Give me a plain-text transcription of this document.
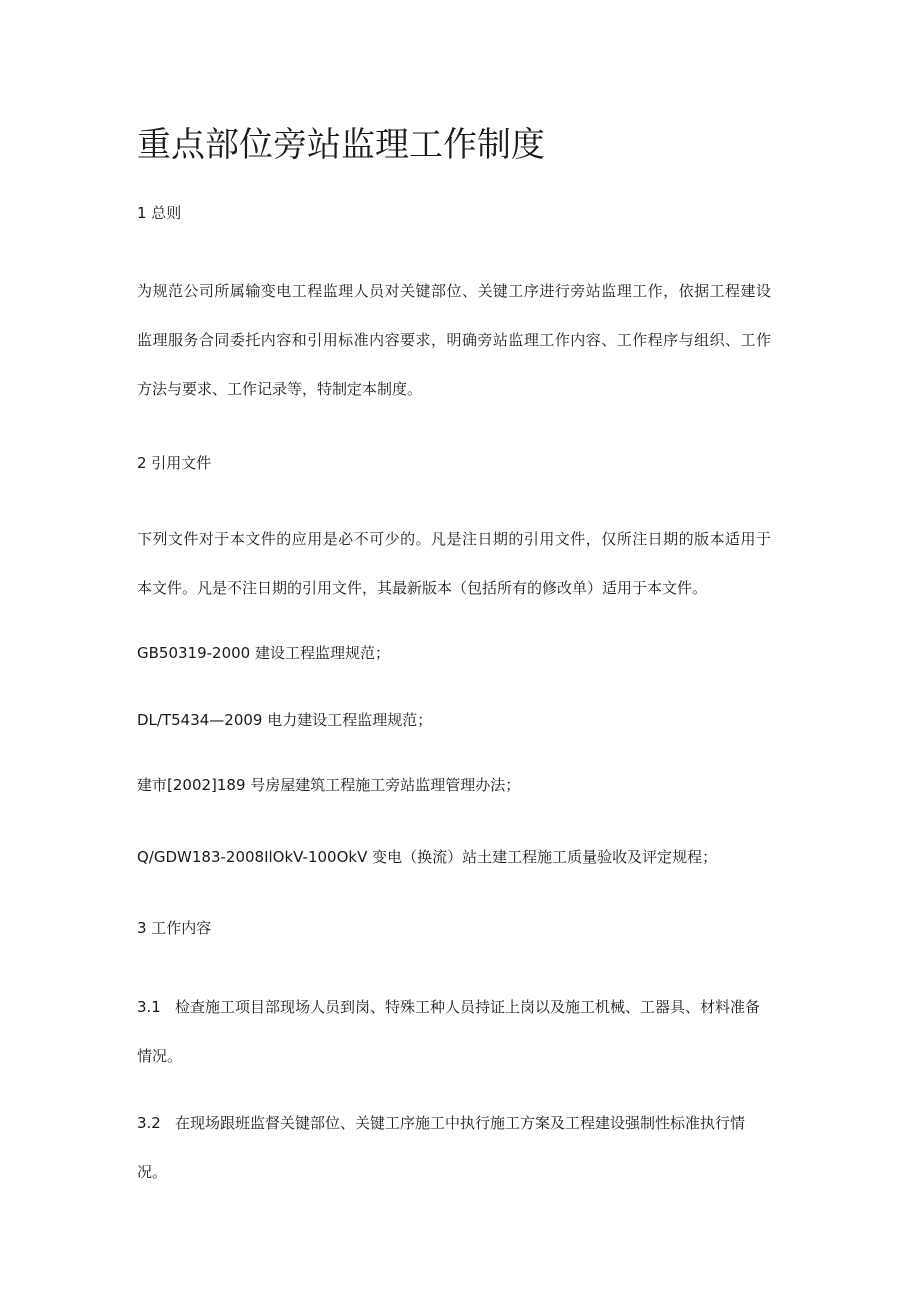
重点部位旁站监理工作制度

1 总则

为规范公司所属输变电工程监理人员对关键部位、关键工序进行旁站监理工作，依据工程建设

监理服务合同委托内容和引用标准内容要求，明确旁站监理工作内容、工作程序与组织、工作

方法与要求、工作记录等，特制定本制度。

2 引用文件

下列文件对于本文件的应用是必不可少的。凡是注日期的引用文件，仅所注日期的版本适用于

本文件。凡是不注日期的引用文件，其最新版本（包括所有的修改单）适用于本文件。

GB50319-2000 建设工程监理规范；

DL/T5434—2009 电力建设工程监理规范；

建市[2002]189 号房屋建筑工程施工旁站监理管理办法；

Q/GDW183-2008IlOkV-100OkV 变电（换流）站土建工程施工质量验收及评定规程；

3 工作内容

3.1 检查施工项目部现场人员到岗、特殊工种人员持证上岗以及施工机械、工器具、材料准备

情况。

3.2 在现场跟班监督关键部位、关键工序施工中执行施工方案及工程建设强制性标准执行情

况。
